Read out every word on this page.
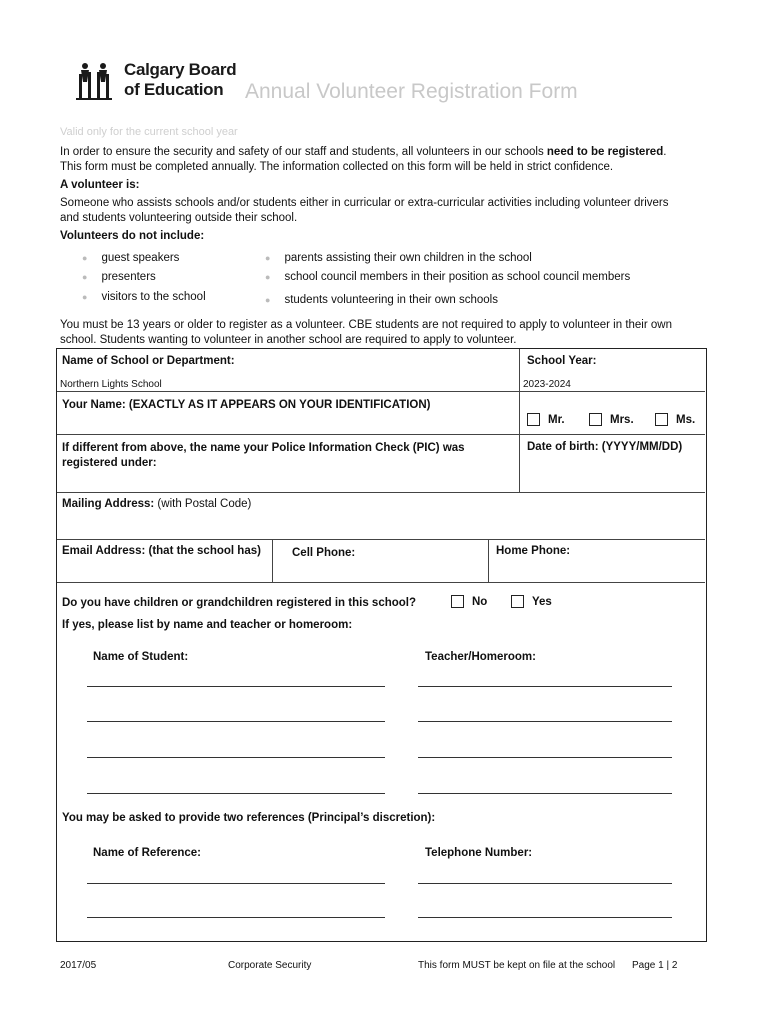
Calgary Board
of Education	Annual Volunteer Registration Form
Valid only for the current school year
In order to ensure the security and safety of our staff and students, all volunteers in our schools need to be registered.
This form must be completed annually. The information collected on this form will be held in strict confidence.
A volunteer is:
Someone who assists schools and/or students either in curricular or extra-curricular activities including volunteer drivers
and students volunteering outside their school.
Volunteers do not include:
● guest speakers
● presenters
● visitors to the school
● parents assisting their own children in the school
● school council members in their position as school council members
● students volunteering in their own schools
You must be 13 years or older to register as a volunteer. CBE students are not required to apply to volunteer in their own
school. Students wanting to volunteer in another school are required to apply to volunteer.
Name of School or Department:	School Year:
Northern Lights School	2023-2024
Your Name: (EXACTLY AS IT APPEARS ON YOUR IDENTIFICATION)
Mr.	Mrs.	Ms.
If different from above, the name your Police Information Check (PIC) was
registered under:
Date of birth: (YYYY/MM/DD)
Mailing Address: (with Postal Code)
Email Address: (that the school has)	Cell Phone:	Home Phone:
Do you have children or grandchildren registered in this school?	No	Yes
If yes, please list by name and teacher or homeroom:
Name of Student:	Teacher/Homeroom:
You may be asked to provide two references (Principal’s discretion):
Name of Reference:	Telephone Number:
2017/05	Corporate Security	This form MUST be kept on file at the school Page 1 | 2
